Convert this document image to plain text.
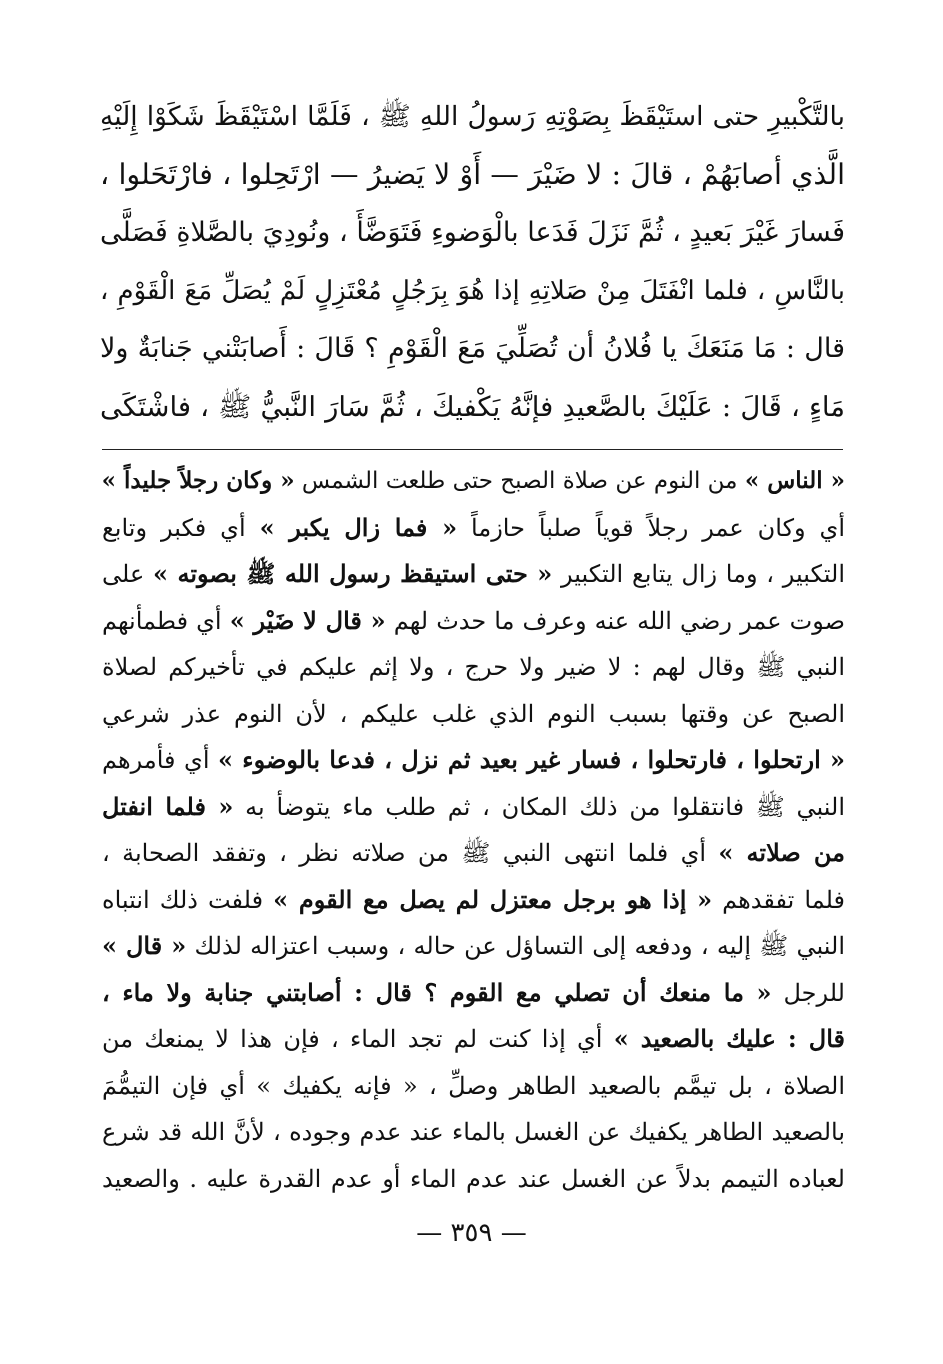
بالتَّكْبيرِ حتى استَيْقَظَ بِصَوْتِهِ رَسولُ اللهِ ﷺ ، فَلَمَّا اسْتَيْقَظَ شَكَوْا إِلَيْهِ
الَّذي أصابَهُمْ ، قالَ : لا ضَيْرَ — أَوْ لا يَضيرُ — ارْتَحِلوا ، فارْتَحَلوا ،
فَسارَ غَيْرَ بَعيدٍ ، ثُمَّ نَزَلَ فَدَعا بالْوَضوءِ فَتَوَضَّأَ ، ونُودِيَ بالصَّلاةِ فَصَلَّى
بالنَّاسِ ، فلما انْفَتَلَ مِنْ صَلاتِهِ إذا هُوَ بِرَجُلٍ مُعْتَزِلٍ لَمْ يُصَلِّ مَعَ الْقَوْمِ ،
قال : مَا مَنَعَكَ يا فُلانُ أن تُصَلِّيَ مَعَ الْقَوْمِ ؟ قَالَ : أَصابَتْني جَنابَةٌ ولا
مَاءٍ ، قَالَ : عَلَيْكَ بالصَّعيدِ فإنَّهُ يَكْفيكَ ، ثُمَّ سَارَ النَّبيُّ ﷺ ، فاشْتَكَى
« الناس » من النوم عن صلاة الصبح حتى طلعت الشمس « وكان رجلاً جليداً »
أي وكان عمر رجلاً قوياً صلباً حازماً « فما زال يكبر » أي فكبر وتابع
التكبير ، وما زال يتابع التكبير « حتى استيقظ رسول الله ﷺ بصوته » على
صوت عمر رضي الله عنه وعرف ما حدث لهم « قال لا ضَيْر » أي فطمأنهم
النبي ﷺ وقال لهم : لا ضير ولا حرج ، ولا إثم عليكم في تأخيركم لصلاة
الصبح عن وقتها بسبب النوم الذي غلب عليكم ، لأن النوم عذر شرعي
« ارتحلوا ، فارتحلوا ، فسار غير بعيد ثم نزل ، فدعا بالوضوء » أي فأمرهم
النبي ﷺ فانتقلوا من ذلك المكان ، ثم طلب ماء يتوضأ به « فلما انفتل
من صلاته » أي فلما انتهى النبي ﷺ من صلاته نظر ، وتفقد الصحابة ،
فلما تفقدهم « إذا هو برجل معتزل لم يصل مع القوم » فلفت ذلك انتباه
النبي ﷺ إليه ، ودفعه إلى التساؤل عن حاله ، وسبب اعتزاله لذلك « قال »
للرجل « ما منعك أن تصلي مع القوم ؟ قال : أصابتني جنابة ولا ماء ،
قال : عليك بالصعيد » أي إذا كنت لم تجد الماء ، فإن هذا لا يمنعك من
الصلاة ، بل تيمَّم بالصعيد الطاهر وصلِّ ، « فإنه يكفيك » أي فإن التيمُّمَ
بالصعيد الطاهر يكفيك عن الغسل بالماء عند عدم وجوده ، لأنَّ الله قد شرع
لعباده التيمم بدلاً عن الغسل عند عدم الماء أو عدم القدرة عليه . والصعيد
— ٣٥٩ —
